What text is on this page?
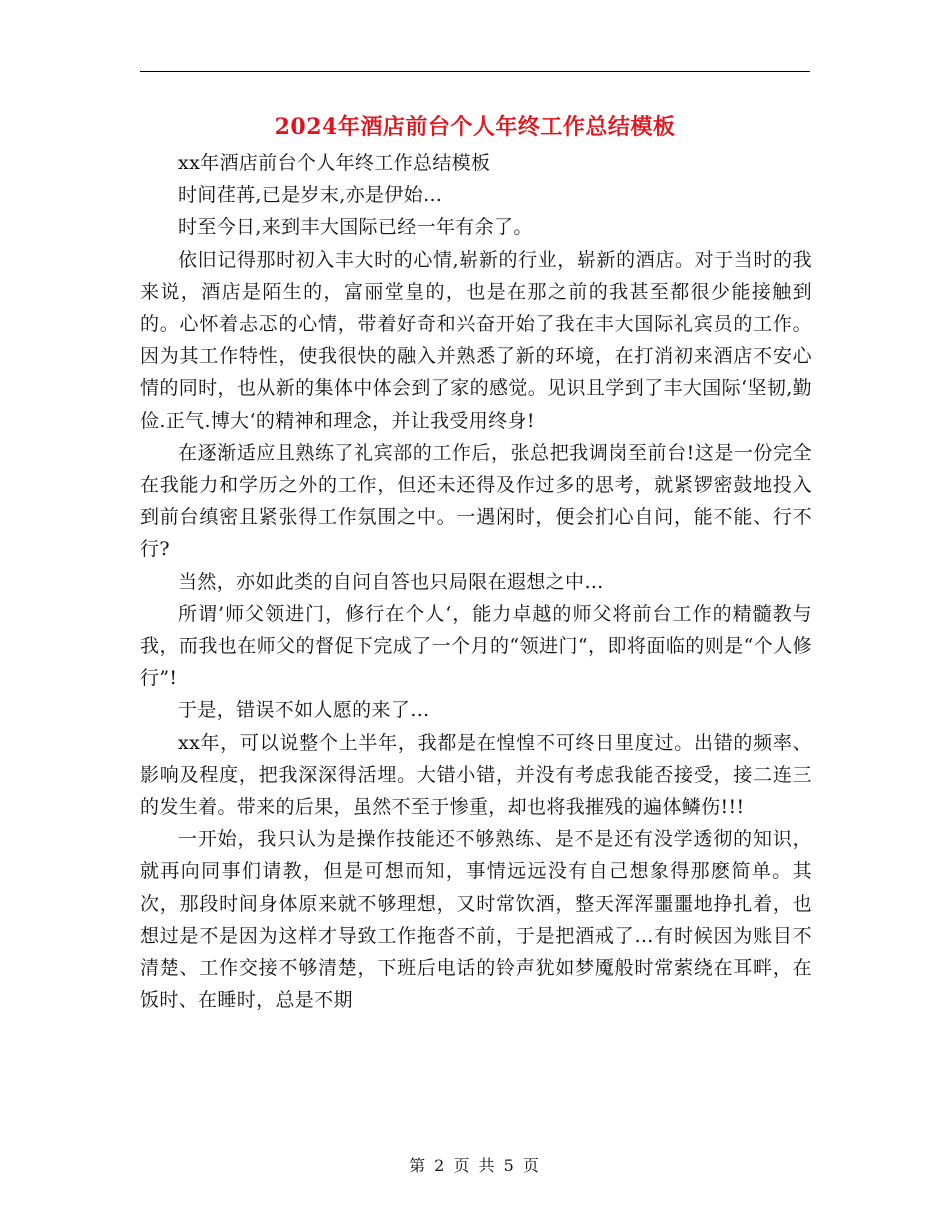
2024年酒店前台个人年终工作总结模板

xx年酒店前台个人年终工作总结模板

时间荏苒,已是岁末,亦是伊始…

时至今日,来到丰大国际已经一年有余了。

依旧记得那时初入丰大时的心情,崭新的行业，崭新的酒店。对于当时的我来说，酒店是陌生的，富丽堂皇的，也是在那之前的我甚至都很少能接触到的。心怀着忐忑的心情，带着好奇和兴奋开始了我在丰大国际礼宾员的工作。因为其工作特性，使我很快的融入并熟悉了新的环境，在打消初来酒店不安心情的同时，也从新的集体中体会到了家的感觉。见识且学到了丰大国际‘坚韧,勤俭.正气.博大‘的精神和理念，并让我受用终身!

在逐渐适应且熟练了礼宾部的工作后，张总把我调岗至前台!这是一份完全在我能力和学历之外的工作，但还未还得及作过多的思考，就紧锣密鼓地投入到前台缜密且紧张得工作氛围之中。一遇闲时，便会扪心自问，能不能、行不行?

当然，亦如此类的自问自答也只局限在遐想之中…

所谓’师父领进门，修行在个人‘，能力卓越的师父将前台工作的精髓教与我，而我也在师父的督促下完成了一个月的“领进门“，即将面临的则是“个人修行”!

于是，错误不如人愿的来了…

xx年，可以说整个上半年，我都是在惶惶不可终日里度过。出错的频率、影响及程度，把我深深得活埋。大错小错，并没有考虑我能否接受，接二连三的发生着。带来的后果，虽然不至于惨重，却也将我摧残的遍体鳞伤!!!

一开始，我只认为是操作技能还不够熟练、是不是还有没学透彻的知识，就再向同事们请教，但是可想而知，事情远远没有自己想象得那麽简单。其次，那段时间身体原来就不够理想，又时常饮酒，整天浑浑噩噩地挣扎着，也想过是不是因为这样才导致工作拖沓不前，于是把酒戒了…有时候因为账目不清楚、工作交接不够清楚，下班后电话的铃声犹如梦魇般时常萦绕在耳畔，在饭时、在睡时，总是不期

第 2 页 共 5 页
